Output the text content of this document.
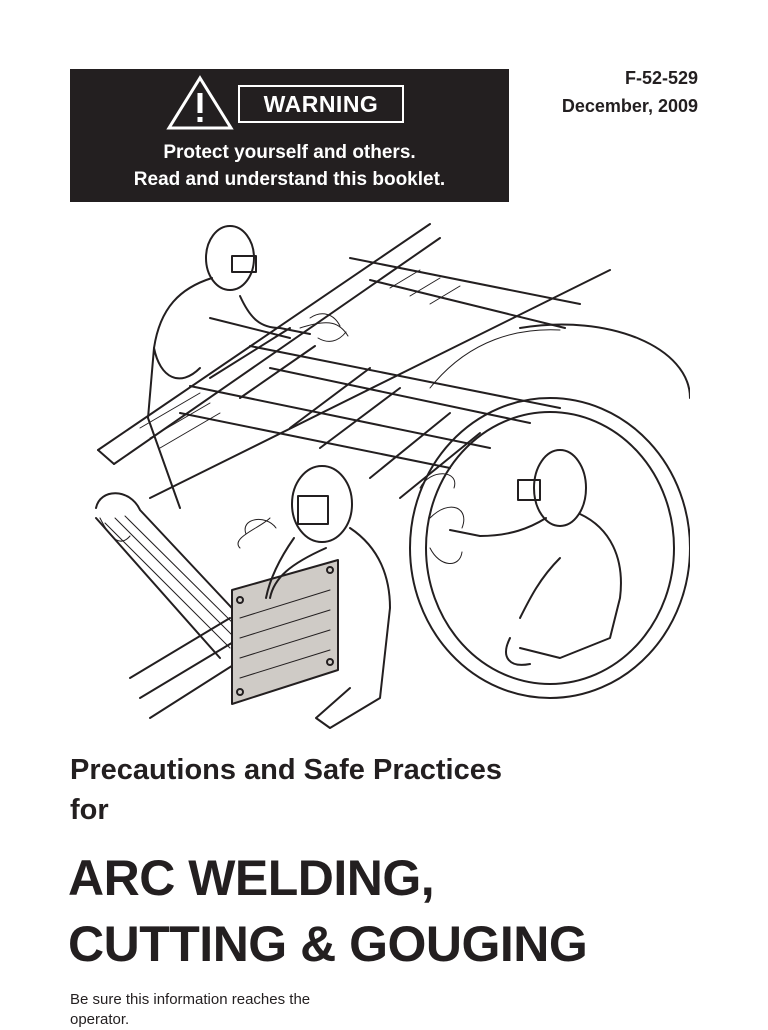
WARNING
Protect yourself and others.
Read and understand this booklet.
F-52-529
December, 2009
Precautions and Safe Practices
for
ARC WELDING,
CUTTING & GOUGING
Be sure this information reaches the operator.
